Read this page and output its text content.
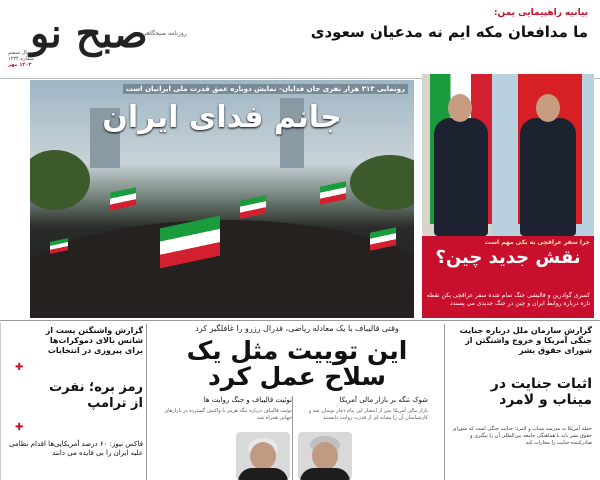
صبح نو
روزنامه صبحگاهی
سال ششم
شماره ۱۲۳۴
۱۴۰۳ مهر
بیانیه راهپیمایی یمن:
ما مدافعان مکه ایم نه مدعیان سعودی
رونمایی ۳۱۳ هزار نفری جان فدایان- نمایش دوباره عمق قدرت ملی ایرانیان است
جانم فدای ایران
جرا سفر عراقچی به یکی مهم است
نقش جدید چین؟
کسری گوادرین و فالیشی جنگ تمام شده سفر عراقچی پکن نقطه تازه درباره روابط ایران و چین در جنگ جدیدی می پسندد
گزارش واشنگتن پست از شانس بالای دموکرات‌ها برای پیروزی در انتخابات
✚
رمز بره؛ نفرت از ترامپ
✚
فاکس نیوز: ۶۰ درصد آمریکایی‌ها اقدام نظامی علیه ایران را بی فایده می دانند
وقتی قالیباف با یک معادله ریاضی، فدرال رزرو را غافلگیر کرد
این توییت مثل یک سلاح عمل کرد
توئیت قالیباف و جنگ روایت ها	شوک تنگه بر بازار مالی آمریکا
توئیت قالیباف درباره تنگه هرمز با واکنش گسترده در بازارهای جهانی همراه شد
بازار مالی آمریکا پس از انتشار این پیام دچار نوسان شد و کارشناسان آن را نشانه ای از قدرت روایت دانستند
گزارش سازمان ملل درباره جنایت جنگی آمریکا و خروج واشنگتن از شورای حقوق بشر
اثبات جنایت در میناب و لامرد
حمله آمریکا به مدرسه میناب و لامرد؛ جنایت جنگی است که شورای حقوق بشر باید با هماهنگی جامعه بین‌المللی آن را پیگیری و صادرکننده جنایت را مجازات کند.
